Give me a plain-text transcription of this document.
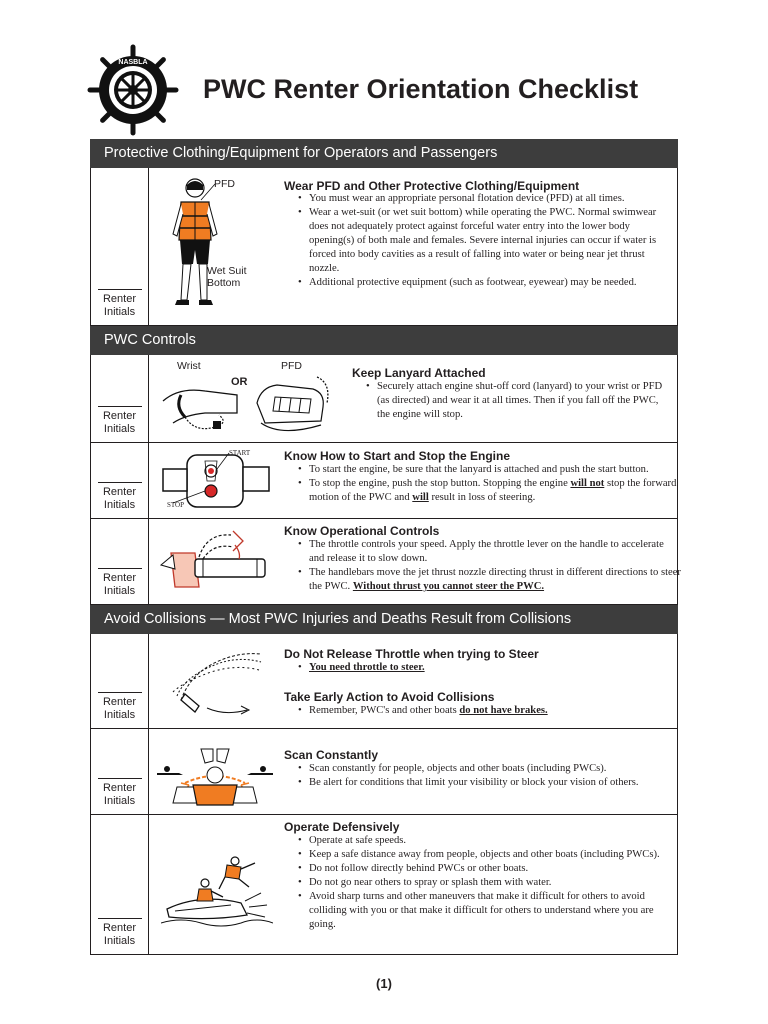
NASBLA
PWC Renter Orientation Checklist
Protective Clothing/Equipment for Operators and Passengers
Renter
Initials
PFD
Wet Suit
Bottom
Wear PFD and Other Protective Clothing/Equipment
• You must wear an appropriate personal flotation device (PFD) at all times.
• Wear a wet-suit (or wet suit bottom) while operating the PWC. Normal swimwear does not adequately protect against forceful water entry into the lower body opening(s) of both male and females. Severe internal injuries can occur if water is forced into body cavities as a result of falling into water or being near jet thrust nozzle.
• Additional protective equipment (such as footwear, eyewear) may be needed.
PWC Controls
Renter
Initials
Wrist	PFD
OR
Keep Lanyard Attached
• Securely attach engine shut-off cord (lanyard) to your wrist or PFD (as directed) and wear it at all times. Then if you fall off the PWC, the engine will stop.
Renter
Initials
START
STOP
Know How to Start and Stop the Engine
• To start the engine, be sure that the lanyard is attached and push the start button.
• To stop the engine, push the stop button. Stopping the engine will not stop the forward motion of the PWC and will result in loss of steering.
Renter
Initials
Know Operational Controls
• The throttle controls your speed. Apply the throttle lever on the handle to accelerate and release it to slow down.
• The handlebars move the jet thrust nozzle directing thrust in different directions to steer the PWC. Without thrust you cannot steer the PWC.
Avoid Collisions — Most PWC Injuries and Deaths Result from Collisions
Renter
Initials
Do Not Release Throttle when trying to Steer
• You need throttle to steer.
Take Early Action to Avoid Collisions
• Remember, PWC's and other boats do not have brakes.
Renter
Initials
Scan Constantly
• Scan constantly for people, objects and other boats (including PWCs).
• Be alert for conditions that limit your visibility or block your vision of others.
Renter
Initials
Operate Defensively
• Operate at safe speeds.
• Keep a safe distance away from people, objects and other boats (including PWCs).
• Do not follow directly behind PWCs or other boats.
• Do not go near others to spray or splash them with water.
• Avoid sharp turns and other maneuvers that make it difficult for others to avoid colliding with you or that make it difficult for others to understand where you are going.
(1)
